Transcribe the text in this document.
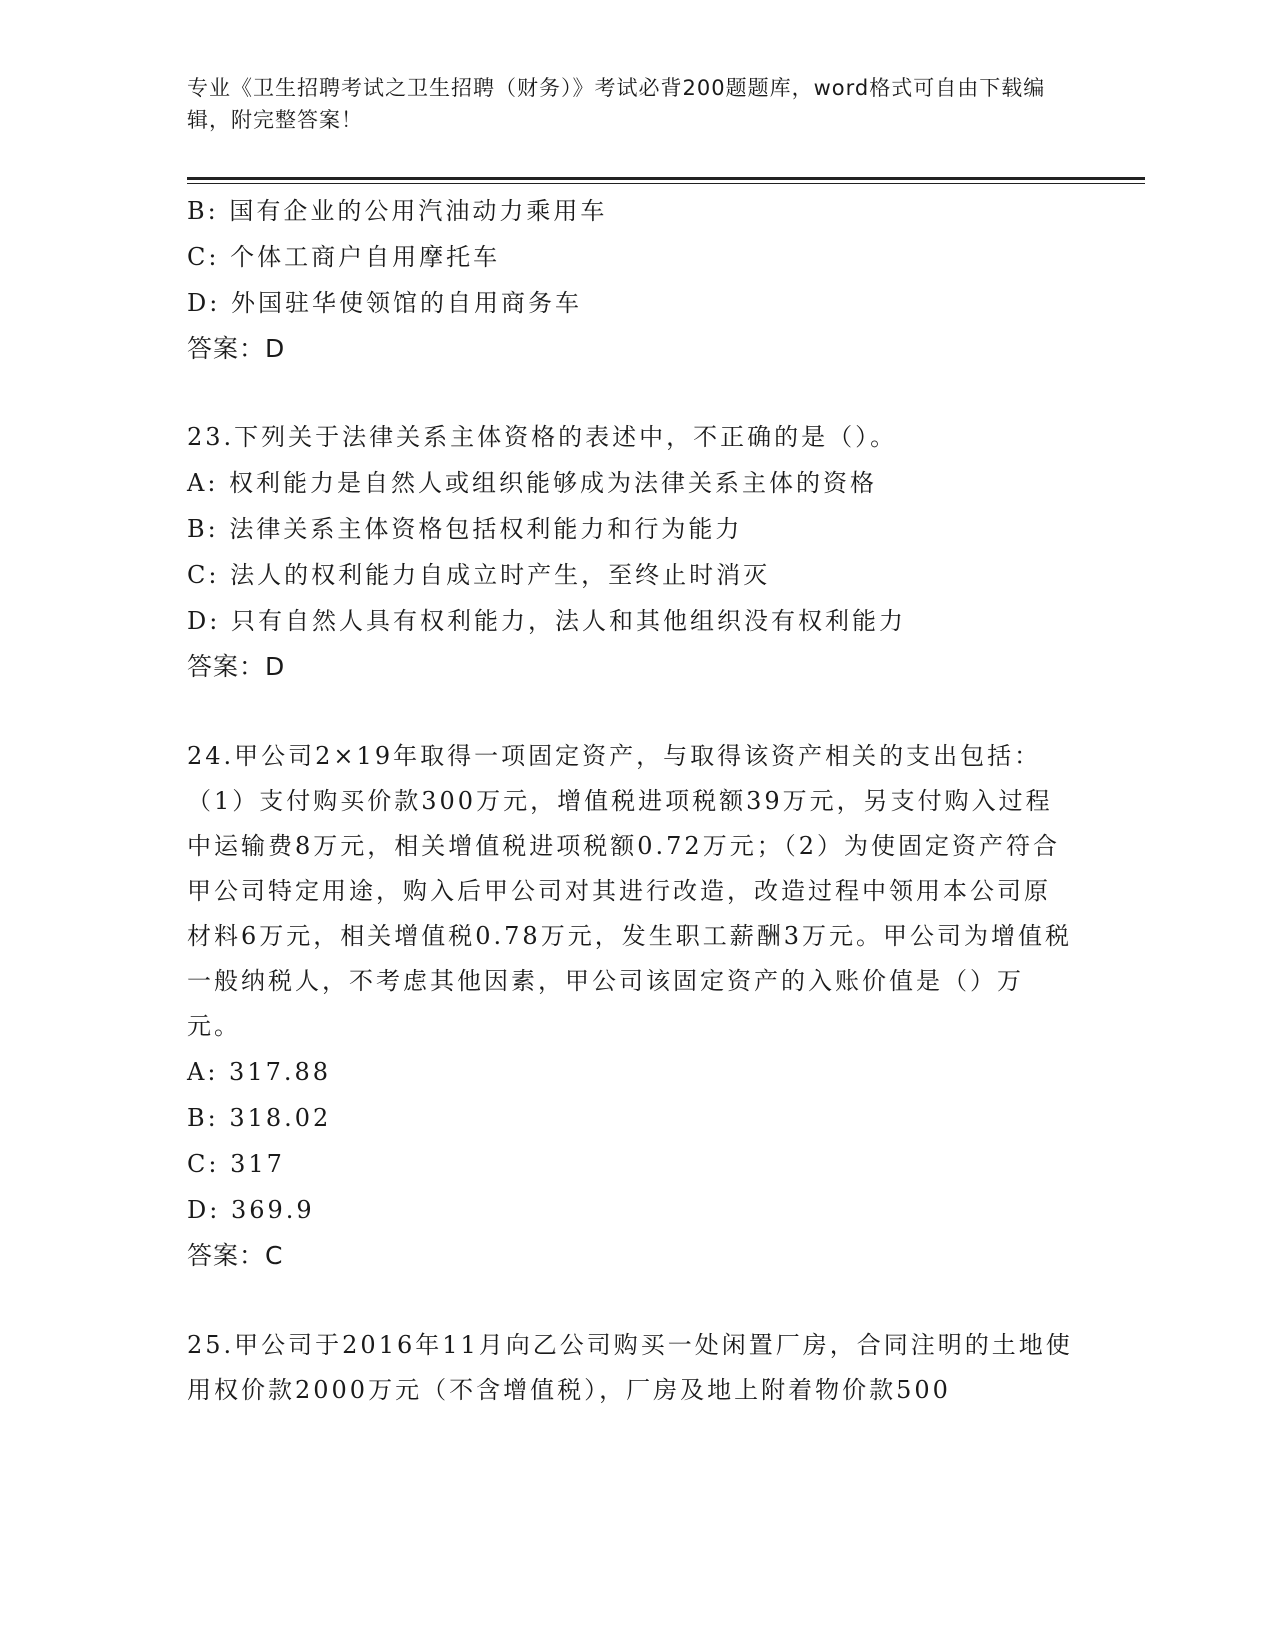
专业《卫生招聘考试之卫生招聘（财务）》考试必背200题题库，word格式可自由下载编辑，附完整答案！
B: 国有企业的公用汽油动力乘用车
C: 个体工商户自用摩托车
D: 外国驻华使领馆的自用商务车
答案：D
23.下列关于法律关系主体资格的表述中，不正确的是（）。
A: 权利能力是自然人或组织能够成为法律关系主体的资格
B: 法律关系主体资格包括权利能力和行为能力
C: 法人的权利能力自成立时产生，至终止时消灭
D: 只有自然人具有权利能力，法人和其他组织没有权利能力
答案：D
24.甲公司2×19年取得一项固定资产，与取得该资产相关的支出包括：（1）支付购买价款300万元，增值税进项税额39万元，另支付购入过程中运输费8万元，相关增值税进项税额0.72万元；（2）为使固定资产符合甲公司特定用途，购入后甲公司对其进行改造，改造过程中领用本公司原材料6万元，相关增值税0.78万元，发生职工薪酬3万元。甲公司为增值税一般纳税人，不考虑其他因素，甲公司该固定资产的入账价值是（）万元。
A: 317.88
B: 318.02
C: 317
D: 369.9
答案：C
25.甲公司于2016年11月向乙公司购买一处闲置厂房，合同注明的土地使用权价款2000万元（不含增值税），厂房及地上附着物价款500
